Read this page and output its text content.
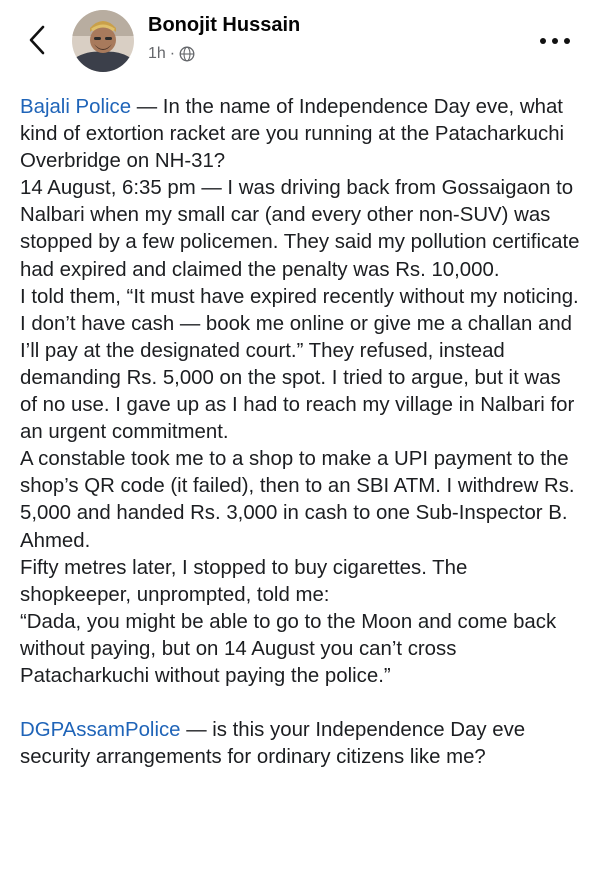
Bonojit Hussain
1h ·

Bajali Police — In the name of Independence Day eve, what kind of extortion racket are you running at the Patacharkuchi Overbridge on NH-31?

14 August, 6:35 pm — I was driving back from Gossaigaon to Nalbari when my small car (and every other non-SUV) was stopped by a few policemen. They said my pollution certificate had expired and claimed the penalty was Rs. 10,000.

I told them, “It must have expired recently without my noticing. I don’t have cash — book me online or give me a challan and I’ll pay at the designated court.” They refused, instead demanding Rs. 5,000 on the spot. I tried to argue, but it was of no use. I gave up as I had to reach my village in Nalbari for an urgent commitment.

A constable took me to a shop to make a UPI payment to the shop’s QR code (it failed), then to an SBI ATM. I withdrew Rs. 5,000 and handed Rs. 3,000 in cash to one Sub-Inspector B. Ahmed.

Fifty metres later, I stopped to buy cigarettes. The shopkeeper, unprompted, told me:

“Dada, you might be able to go to the Moon and come back without paying, but on 14 August you can’t cross Patacharkuchi without paying the police.”

DGPAssamPolice — is this your Independence Day eve security arrangements for ordinary citizens like me?
